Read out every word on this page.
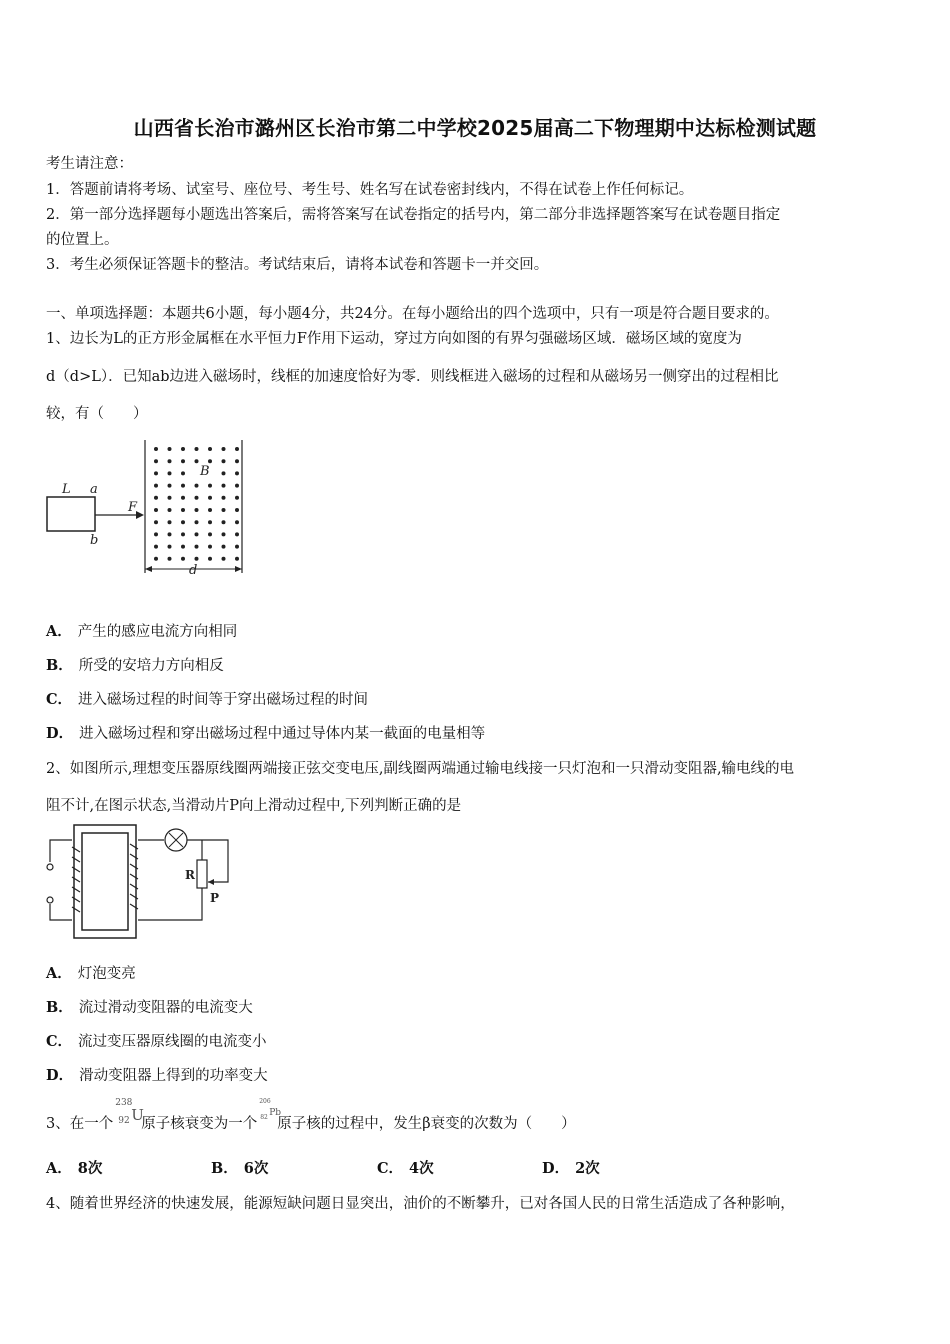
山西省长治市潞州区长治市第二中学校2025届高二下物理期中达标检测试题
考生请注意：
1．答题前请将考场、试室号、座位号、考生号、姓名写在试卷密封线内，不得在试卷上作任何标记。
2．第一部分选择题每小题选出答案后，需将答案写在试卷指定的括号内，第二部分非选择题答案写在试卷题目指定
的位置上。
3．考生必须保证答题卡的整洁。考试结束后，请将本试卷和答题卡一并交回。
一、单项选择题：本题共6小题，每小题4分，共24分。在每小题给出的四个选项中，只有一项是符合题目要求的。
1、边长为L的正方形金属框在水平恒力F作用下运动，穿过方向如图的有界匀强磁场区域．磁场区域的宽度为
d（d>L）．已知ab边进入磁场时，线框的加速度恰好为零．则线框进入磁场的过程和从磁场另一侧穿出的过程相比
较，有（　　）
L a
b
F
B
d
A． 产生的感应电流方向相同
B． 所受的安培力方向相反
C． 进入磁场过程的时间等于穿出磁场过程的时间
D． 进入磁场过程和穿出磁场过程中通过导体内某一截面的电量相等
2、如图所示,理想变压器原线圈两端接正弦交变电压,副线圈两端通过输电线接一只灯泡和一只滑动变阻器,输电线的电
阻不计,在图示状态,当滑动片P向上滑动过程中,下列判断正确的是
R
P
A． 灯泡变亮
B． 流过滑动变阻器的电流变大
C． 流过变压器原线圈的电流变小
D． 滑动变阻器上得到的功率变大
3、在一个
238
92 U
原子核衰变为一个
206
82 Pb
原子核的过程中，发生β衰变的次数为（　　）
A． 8次	B． 6次	C． 4次	D． 2次
4、随着世界经济的快速发展，能源短缺问题日显突出，油价的不断攀升，已对各国人民的日常生活造成了各种影响，
